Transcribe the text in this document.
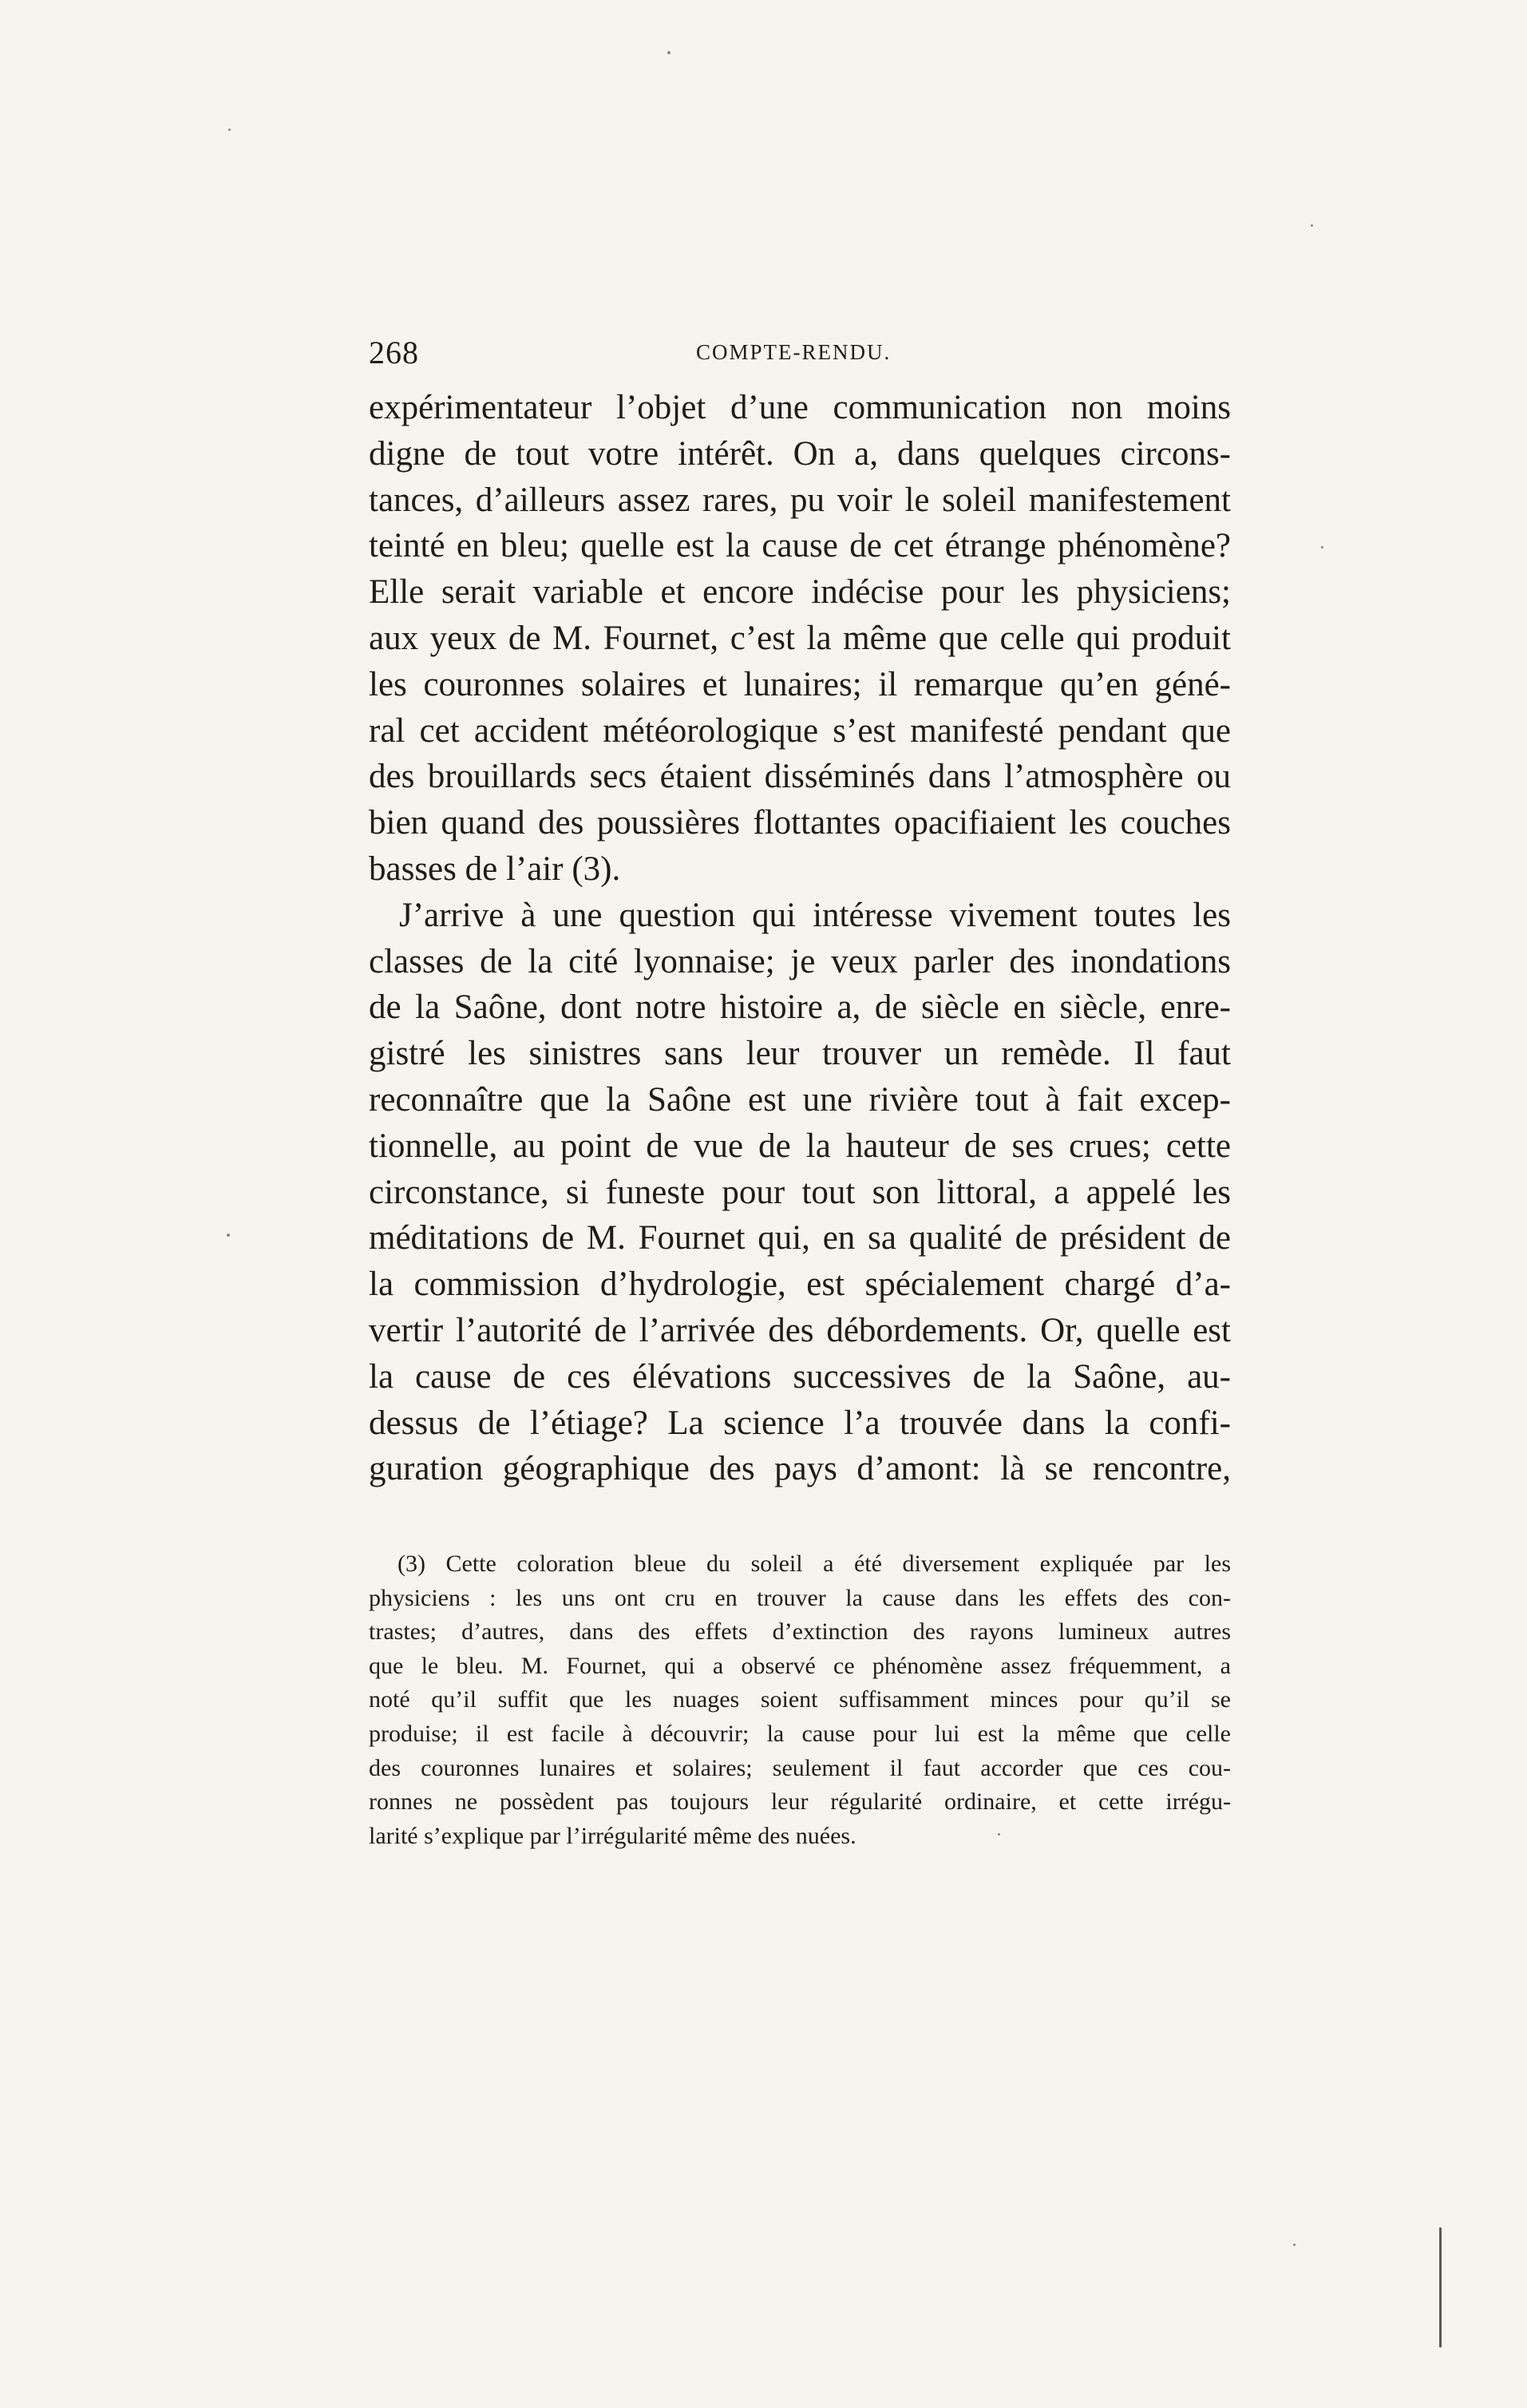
268	COMPTE-RENDU.
expérimentateur l’objet d’une communication non moins
digne de tout votre intérêt. On a, dans quelques circons-
tances, d’ailleurs assez rares, pu voir le soleil manifestement
teinté en bleu; quelle est la cause de cet étrange phénomène?
Elle serait variable et encore indécise pour les physiciens;
aux yeux de M. Fournet, c’est la même que celle qui produit
les couronnes solaires et lunaires; il remarque qu’en géné-
ral cet accident météorologique s’est manifesté pendant que
des brouillards secs étaient disséminés dans l’atmosphère ou
bien quand des poussières flottantes opacifiaient les couches
basses de l’air (3).
J’arrive à une question qui intéresse vivement toutes les
classes de la cité lyonnaise; je veux parler des inondations
de la Saône, dont notre histoire a, de siècle en siècle, enre-
gistré les sinistres sans leur trouver un remède. Il faut
reconnaître que la Saône est une rivière tout à fait excep-
tionnelle, au point de vue de la hauteur de ses crues; cette
circonstance, si funeste pour tout son littoral, a appelé les
méditations de M. Fournet qui, en sa qualité de président de
la commission d’hydrologie, est spécialement chargé d’a-
vertir l’autorité de l’arrivée des débordements. Or, quelle est
la cause de ces élévations successives de la Saône, au-
dessus de l’étiage? La science l’a trouvée dans la confi-
guration géographique des pays d’amont: là se rencontre,
(3) Cette coloration bleue du soleil a été diversement expliquée par les
physiciens : les uns ont cru en trouver la cause dans les effets des con-
trastes; d’autres, dans des effets d’extinction des rayons lumineux autres
que le bleu. M. Fournet, qui a observé ce phénomène assez fréquemment, a
noté qu’il suffit que les nuages soient suffisamment minces pour qu’il se
produise; il est facile à découvrir; la cause pour lui est la même que celle
des couronnes lunaires et solaires; seulement il faut accorder que ces cou-
ronnes ne possèdent pas toujours leur régularité ordinaire, et cette irrégu-
larité s’explique par l’irrégularité même des nuées.
